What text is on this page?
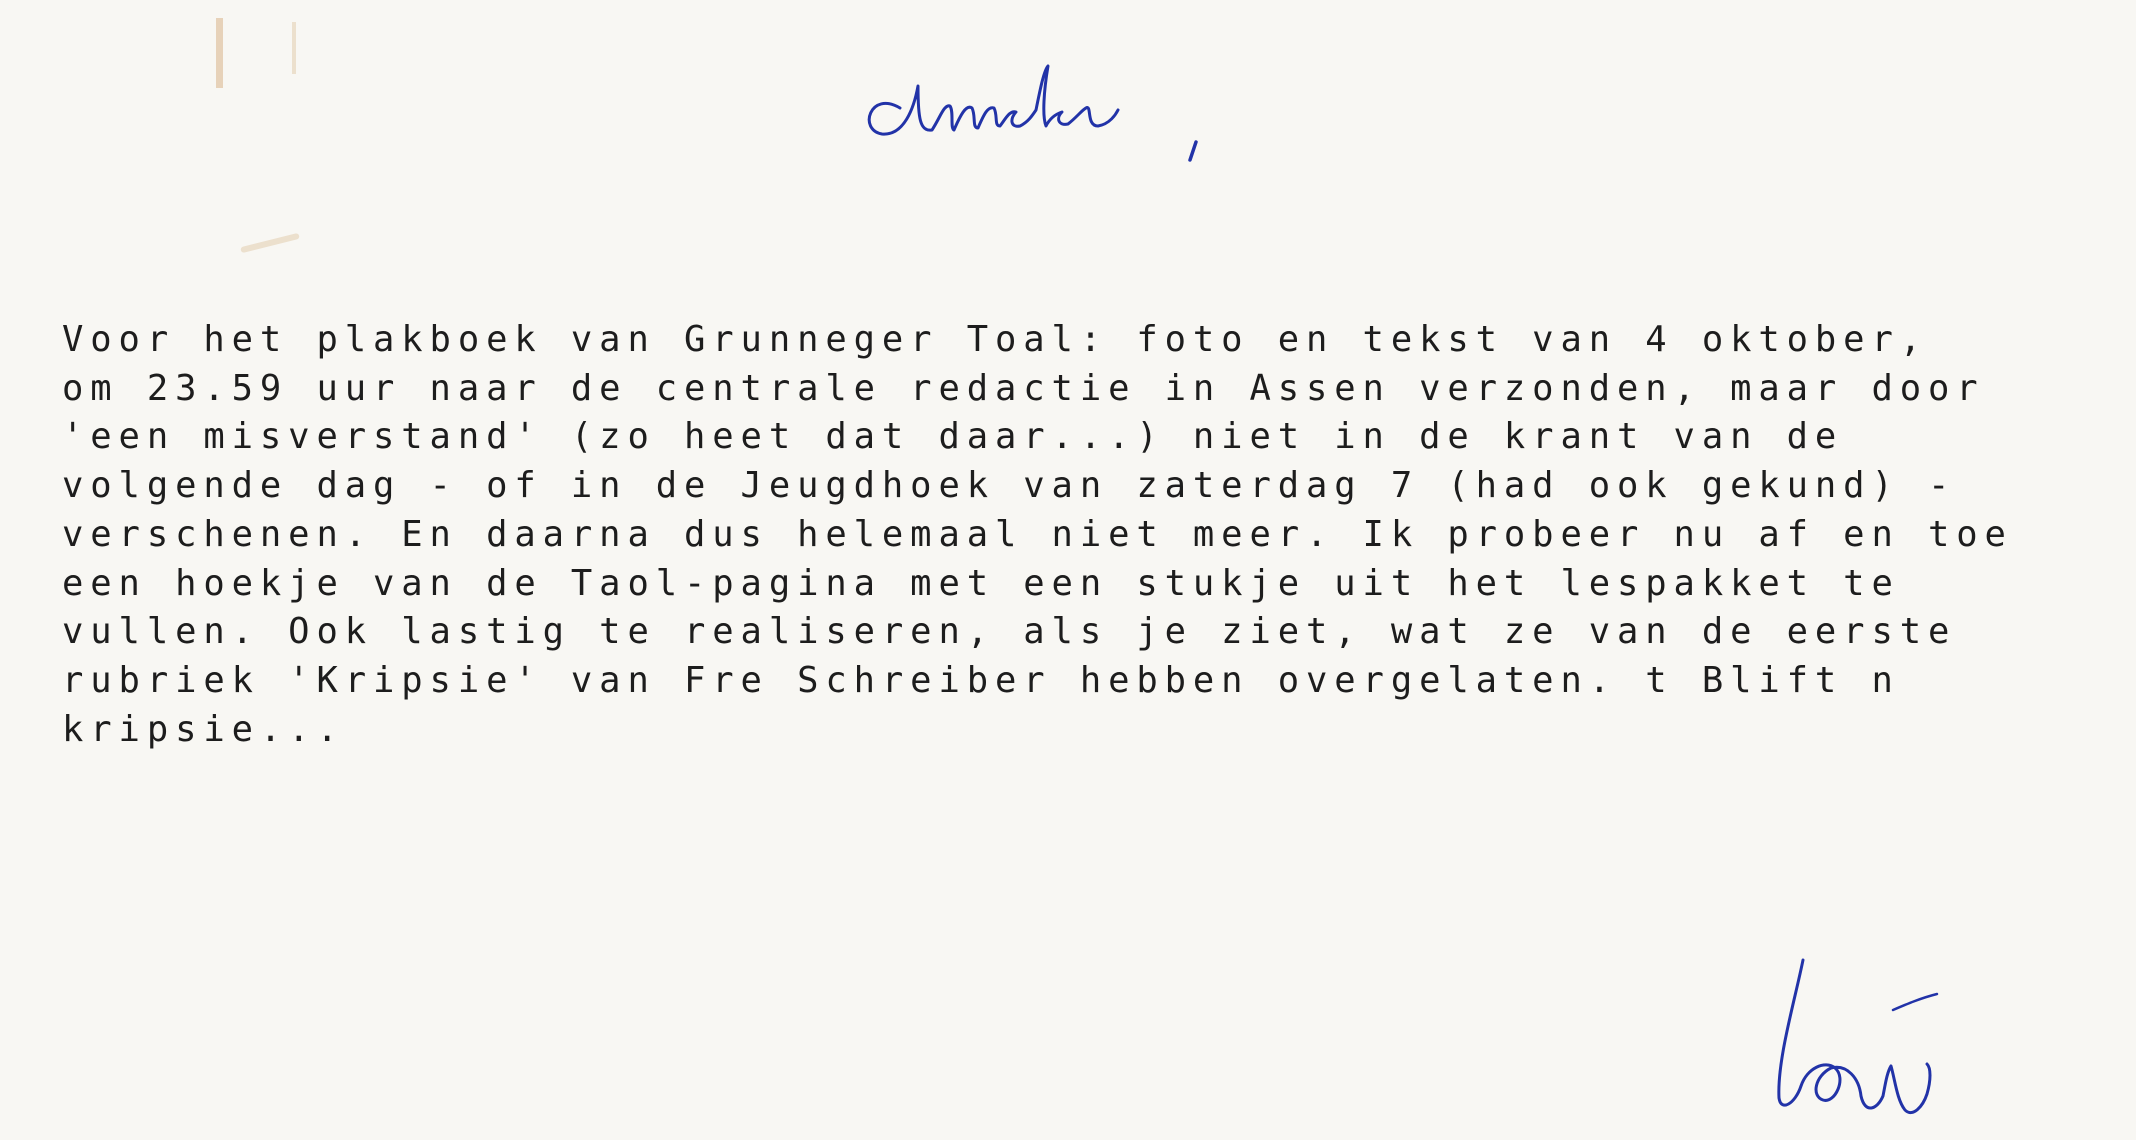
Voor het plakboek van Grunneger Toal: foto en tekst van 4 oktober,
om 23.59 uur naar de centrale redactie in Assen verzonden, maar door
'een misverstand' (zo heet dat daar...) niet in de krant van de
volgende dag - of in de Jeugdhoek van zaterdag 7 (had ook gekund) -
verschenen. En daarna dus helemaal niet meer. Ik probeer nu af en toe
een hoekje van de Taol-pagina met een stukje uit het lespakket te
vullen. Ook lastig te realiseren, als je ziet, wat ze van de eerste
rubriek 'Kripsie' van Fre Schreiber hebben overgelaten. t Blift n
kripsie...
